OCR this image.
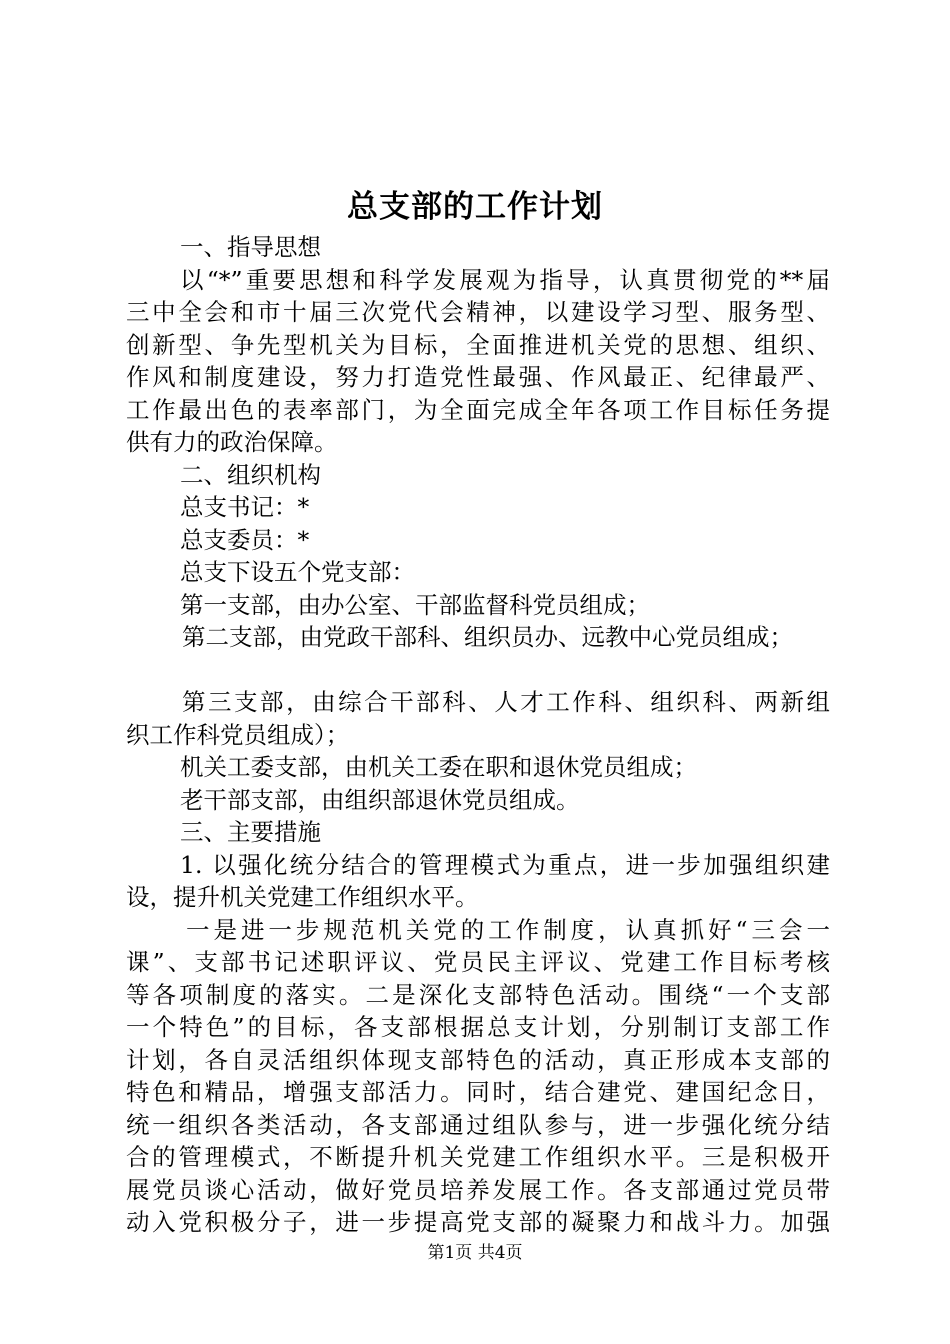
总支部的工作计划
一、指导思想
以“*”重要思想和科学发展观为指导，认真贯彻党的**届
三中全会和市十届三次党代会精神，以建设学习型、服务型、
创新型、争先型机关为目标，全面推进机关党的思想、组织、
作风和制度建设，努力打造党性最强、作风最正、纪律最严、
工作最出色的表率部门，为全面完成全年各项工作目标任务提
供有力的政治保障。
二、组织机构
总支书记：*
总支委员：*
总支下设五个党支部：
第一支部，由办公室、干部监督科党员组成；
第二支部，由党政干部科、组织员办、远教中心党员组成；
第三支部，由综合干部科、人才工作科、组织科、两新组
织工作科党员组成）；
机关工委支部，由机关工委在职和退休党员组成；
老干部支部，由组织部退休党员组成。
三、主要措施
1. 以强化统分结合的管理模式为重点，进一步加强组织建
设，提升机关党建工作组织水平。
一是进一步规范机关党的工作制度，认真抓好“三会一
课”、支部书记述职评议、党员民主评议、党建工作目标考核
等各项制度的落实。二是深化支部特色活动。围绕“一个支部
一个特色”的目标，各支部根据总支计划，分别制订支部工作
计划，各自灵活组织体现支部特色的活动，真正形成本支部的
特色和精品，增强支部活力。同时，结合建党、建国纪念日，
统一组织各类活动，各支部通过组队参与，进一步强化统分结
合的管理模式，不断提升机关党建工作组织水平。三是积极开
展党员谈心活动，做好党员培养发展工作。各支部通过党员带
动入党积极分子，进一步提高党支部的凝聚力和战斗力。加强
第1页 共4页
